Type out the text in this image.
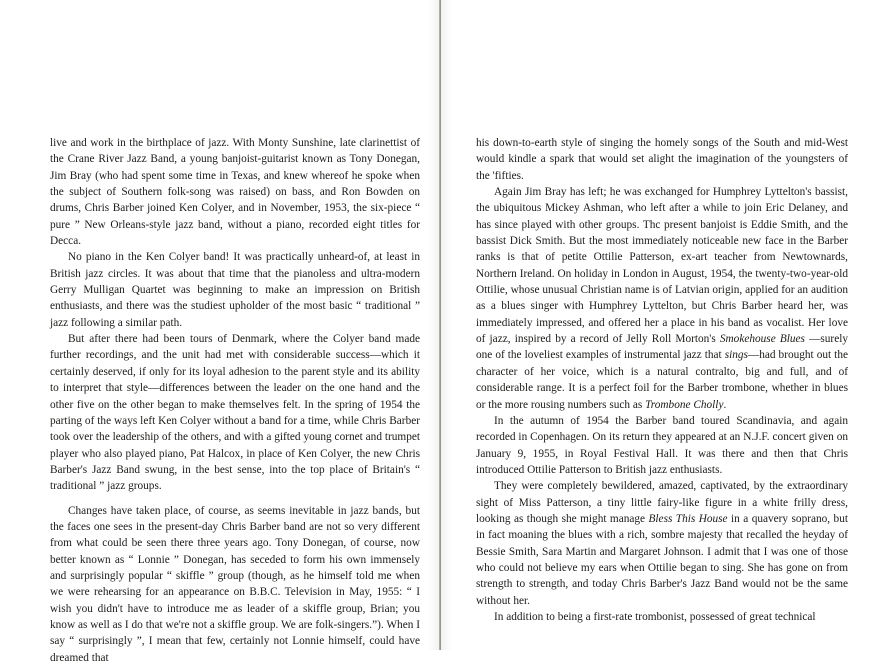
live and work in the birthplace of jazz. With Monty Sunshine, late clarinettist of the Crane River Jazz Band, a young banjoist-guitarist known as Tony Donegan, Jim Bray (who had spent some time in Texas, and knew whereof he spoke when the subject of Southern folk-song was raised) on bass, and Ron Bowden on drums, Chris Barber joined Ken Colyer, and in November, 1953, the six-piece “ pure ” New Orleans-style jazz band, without a piano, recorded eight titles for Decca.

No piano in the Ken Colyer band! It was practically unheard-of, at least in British jazz circles. It was about that time that the pianoless and ultra-modern Gerry Mulligan Quartet was beginning to make an impression on British enthusiasts, and there was the studiest upholder of the most basic “ traditional ” jazz following a similar path.

But after there had been tours of Denmark, where the Colyer band made further recordings, and the unit had met with considerable success—which it certainly deserved, if only for its loyal adhesion to the parent style and its ability to interpret that style—differences between the leader on the one hand and the other five on the other began to make themselves felt. In the spring of 1954 the parting of the ways left Ken Colyer without a band for a time, while Chris Barber took over the leadership of the others, and with a gifted young cornet and trumpet player who also played piano, Pat Halcox, in place of Ken Colyer, the new Chris Barber's Jazz Band swung, in the best sense, into the top place of Britain's “ traditional ” jazz groups.

Changes have taken place, of course, as seems inevitable in jazz bands, but the faces one sees in the present-day Chris Barber band are not so very different from what could be seen there three years ago. Tony Donegan, of course, now better known as “ Lonnie ” Donegan, has seceded to form his own immensely and surprisingly popular “ skiffle ” group (though, as he himself told me when we were rehearsing for an appearance on B.B.C. Television in May, 1955: “ I wish you didn't have to introduce me as leader of a skiffle group, Brian; you know as well as I do that we're not a skiffle group. We are folk-singers.”). When I say “ surprisingly ”, I mean that few, certainly not Lonnie himself, could have dreamed that

his down-to-earth style of singing the homely songs of the South and mid-West would kindle a spark that would set alight the imagination of the youngsters of the 'fifties.

Again Jim Bray has left; he was exchanged for Humphrey Lyttelton's bassist, the ubiquitous Mickey Ashman, who left after a while to join Eric Delaney, and has since played with other groups. Thc present banjoist is Eddie Smith, and the bassist Dick Smith. But the most immediately noticeable new face in the Barber ranks is that of petite Ottilie Patterson, ex-art teacher from Newtownards, Northern Ireland. On holiday in London in August, 1954, the twenty-two-year-old Ottilie, whose unusual Christian name is of Latvian origin, applied for an audition as a blues singer with Humphrey Lyttelton, but Chris Barber heard her, was immediately impressed, and offered her a place in his band as vocalist. Her love of jazz, inspired by a record of Jelly Roll Morton's Smokehouse Blues —surely one of the loveliest examples of instrumental jazz that sings—had brought out the character of her voice, which is a natural contralto, big and full, and of considerable range. It is a perfect foil for the Barber trombone, whether in blues or the more rousing numbers such as Trombone Cholly.

In the autumn of 1954 the Barber band toured Scandinavia, and again recorded in Copenhagen. On its return they appeared at an N.J.F. concert given on January 9, 1955, in Royal Festival Hall. It was there and then that Chris introduced Ottilie Patterson to British jazz enthusiasts.

They were completely bewildered, amazed, captivated, by the extraordinary sight of Miss Patterson, a tiny little fairy-like figure in a white frilly dress, looking as though she might manage Bless This House in a quavery soprano, but in fact moaning the blues with a rich, sombre majesty that recalled the heyday of Bessie Smith, Sara Martin and Margaret Johnson. I admit that I was one of those who could not believe my ears when Ottilie began to sing. She has gone on from strength to strength, and today Chris Barber's Jazz Band would not be the same without her.

In addition to being a first-rate trombonist, possessed of great technical
